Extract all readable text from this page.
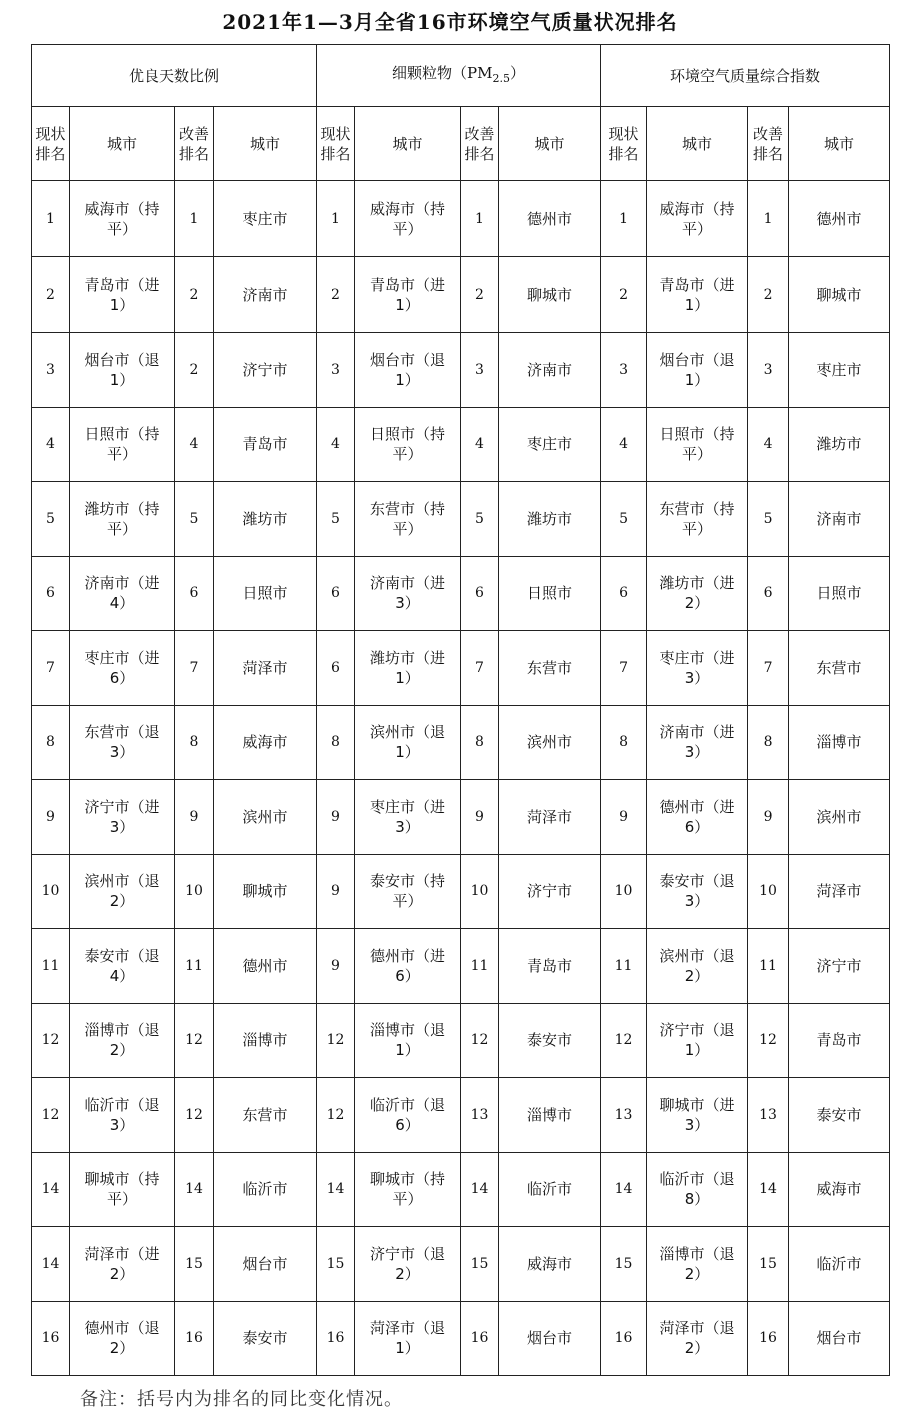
2021年1—3月全省16市环境空气质量状况排名
优良天数比例				细颗粒物$(PM_{2.5})$				环境空气质量综合指数			
现状排名	城市	改善排名	城市	现状排名	城市	改善排名	城市	现状排名	城市	改善排名	城市
1	威海市（持平）	1	枣庄市	1	威海市（持平）	1	德州市	1	威海市（持平）	1	德州市
2	青岛市（进1）	2	济南市	2	青岛市（进1）	2	聊城市	2	青岛市（进1）	2	聊城市
3	烟台市（退1）	2	济宁市	3	烟台市（退1）	3	济南市	3	烟台市（退1）	3	枣庄市
4	日照市（持平）	4	青岛市	4	日照市（持平）	4	枣庄市	4	日照市（持平）	4	潍坊市
5	潍坊市（持平）	5	潍坊市	5	东营市（持平）	5	潍坊市	5	东营市（持平）	5	济南市
6	济南市（进4）	6	日照市	6	济南市（进3）	6	日照市	6	潍坊市（进2）	6	日照市
7	枣庄市（进6）	7	菏泽市	6	潍坊市（进1）	7	东营市	7	枣庄市（进3）	7	东营市
8	东营市（退3）	8	威海市	8	滨州市（退1）	8	滨州市	8	济南市（进3）	8	淄博市
9	济宁市（进3）	9	滨州市	9	枣庄市（进3）	9	菏泽市	9	德州市（进6）	9	滨州市
10	滨州市（退2）	10	聊城市	9	泰安市（持平）	10	济宁市	10	泰安市（退3）	10	菏泽市
11	泰安市（退4）	11	德州市	9	德州市（进6）	11	青岛市	11	滨州市（退2）	11	济宁市
12	淄博市（退2）	12	淄博市	12	淄博市（退1）	12	泰安市	12	济宁市（退1）	12	青岛市
12	临沂市（退3）	12	东营市	12	临沂市（退6）	13	淄博市	13	聊城市（进3）	13	泰安市
14	聊城市（持平）	14	临沂市	14	聊城市（持平）	14	临沂市	14	临沂市（退8）	14	威海市
14	菏泽市（进2）	15	烟台市	15	济宁市（退2）	15	威海市	15	淄博市（退2）	15	临沂市
16	德州市（退2）	16	泰安市	16	菏泽市（退1）	16	烟台市	16	菏泽市（退2）	16	烟台市
备注：括号内为排名的同比变化情况。
